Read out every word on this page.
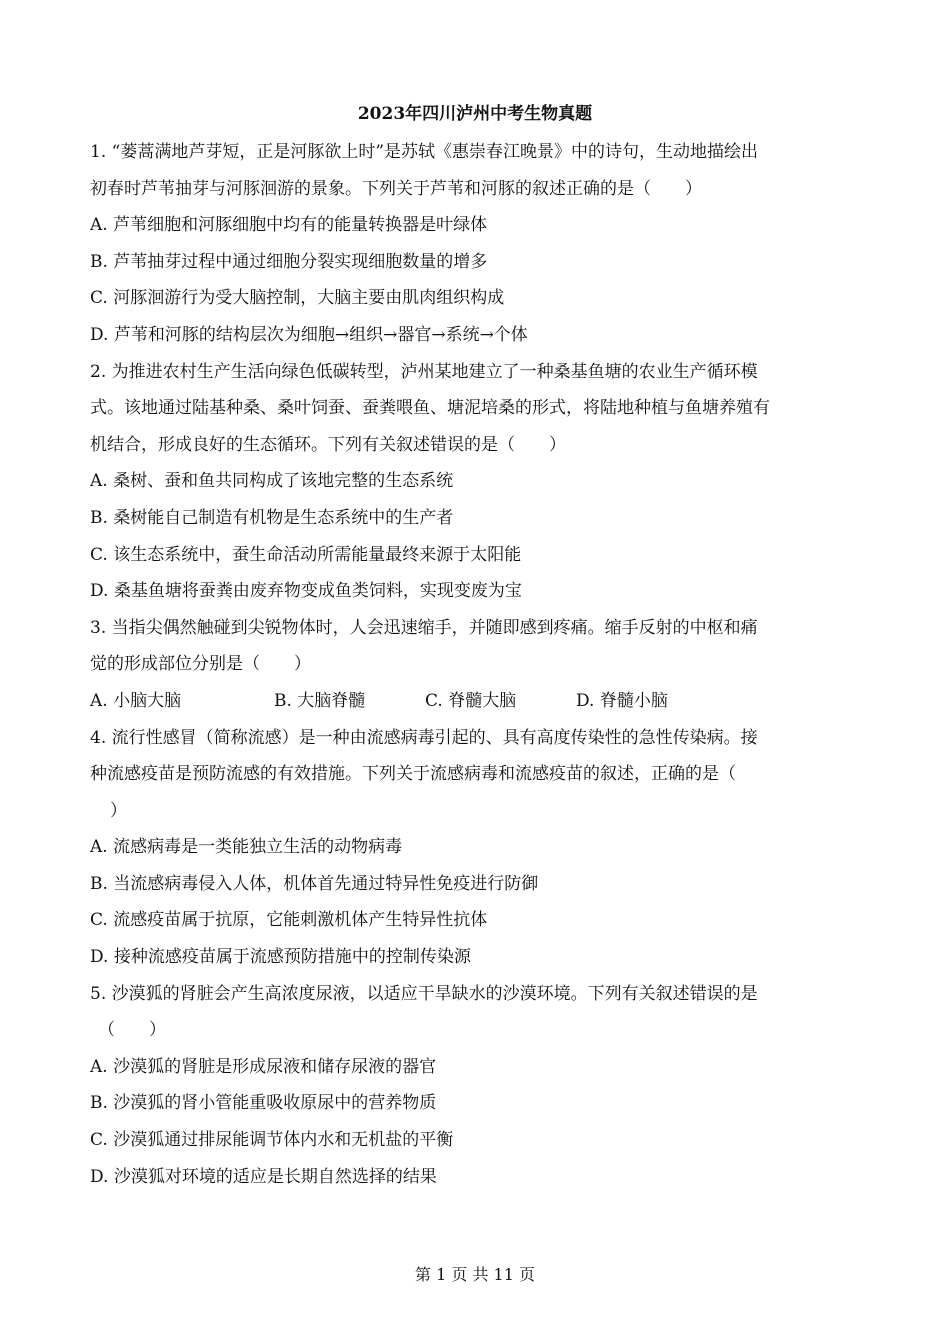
2023年四川泸州中考生物真题
1. “蒌蒿满地芦芽短，正是河豚欲上时”是苏轼《惠崇春江晚景》中的诗句，生动地描绘出
初春时芦苇抽芽与河豚洄游的景象。下列关于芦苇和河豚的叙述正确的是（　　）
A. 芦苇细胞和河豚细胞中均有的能量转换器是叶绿体
B. 芦苇抽芽过程中通过细胞分裂实现细胞数量的增多
C. 河豚洄游行为受大脑控制，大脑主要由肌肉组织构成
D. 芦苇和河豚的结构层次为细胞→组织→器官→系统→个体
2. 为推进农村生产生活向绿色低碳转型，泸州某地建立了一种桑基鱼塘的农业生产循环模
式。该地通过陆基种桑、桑叶饲蚕、蚕粪喂鱼、塘泥培桑的形式，将陆地种植与鱼塘养殖有
机结合，形成良好的生态循环。下列有关叙述错误的是（　　）
A. 桑树、蚕和鱼共同构成了该地完整的生态系统
B. 桑树能自己制造有机物是生态系统中的生产者
C. 该生态系统中，蚕生命活动所需能量最终来源于太阳能
D. 桑基鱼塘将蚕粪由废弃物变成鱼类饲料，实现变废为宝
3. 当指尖偶然触碰到尖锐物体时，人会迅速缩手，并随即感到疼痛。缩手反射的中枢和痛
觉的形成部位分别是（　　）
A. 小脑大脑	B. 大脑脊髓	C. 脊髓大脑	D. 脊髓小脑
4. 流行性感冒（简称流感）是一种由流感病毒引起的、具有高度传染性的急性传染病。接
种流感疫苗是预防流感的有效措施。下列关于流感病毒和流感疫苗的叙述，正确的是（
）
A. 流感病毒是一类能独立生活的动物病毒
B. 当流感病毒侵入人体，机体首先通过特异性免疫进行防御
C. 流感疫苗属于抗原，它能刺激机体产生特异性抗体
D. 接种流感疫苗属于流感预防措施中的控制传染源
5. 沙漠狐的肾脏会产生高浓度尿液，以适应干旱缺水的沙漠环境。下列有关叙述错误的是
（　　）
A. 沙漠狐的肾脏是形成尿液和储存尿液的器官
B. 沙漠狐的肾小管能重吸收原尿中的营养物质
C. 沙漠狐通过排尿能调节体内水和无机盐的平衡
D. 沙漠狐对环境的适应是长期自然选择的结果
第 1 页 共 11 页
